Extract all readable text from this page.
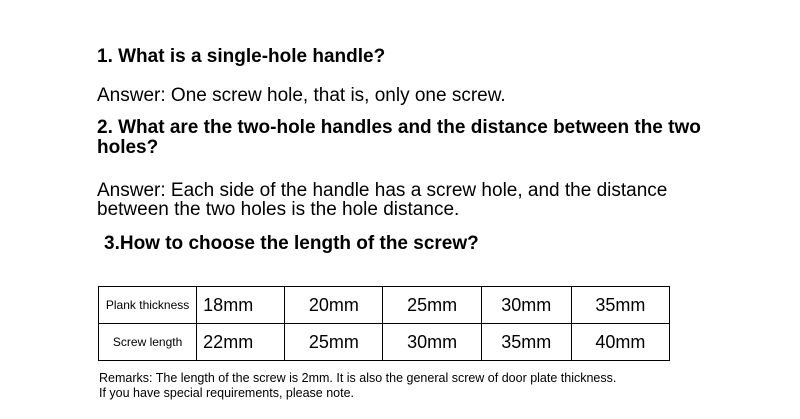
1. What is a single-hole handle?

Answer: One screw hole, that is, only one screw.

2. What are the two-hole handles and the distance between the two holes?

Answer: Each side of the handle has a screw hole, and the distance between the two holes is the hole distance.

3.How to choose the length of the screw?

Plank thickness	18mm	20mm	25mm	30mm	35mm
Screw length	22mm	25mm	30mm	35mm	40mm
Remarks: The length of the screw is 2mm. It is also the general screw of door plate thickness.
If you have special requirements, please note.
